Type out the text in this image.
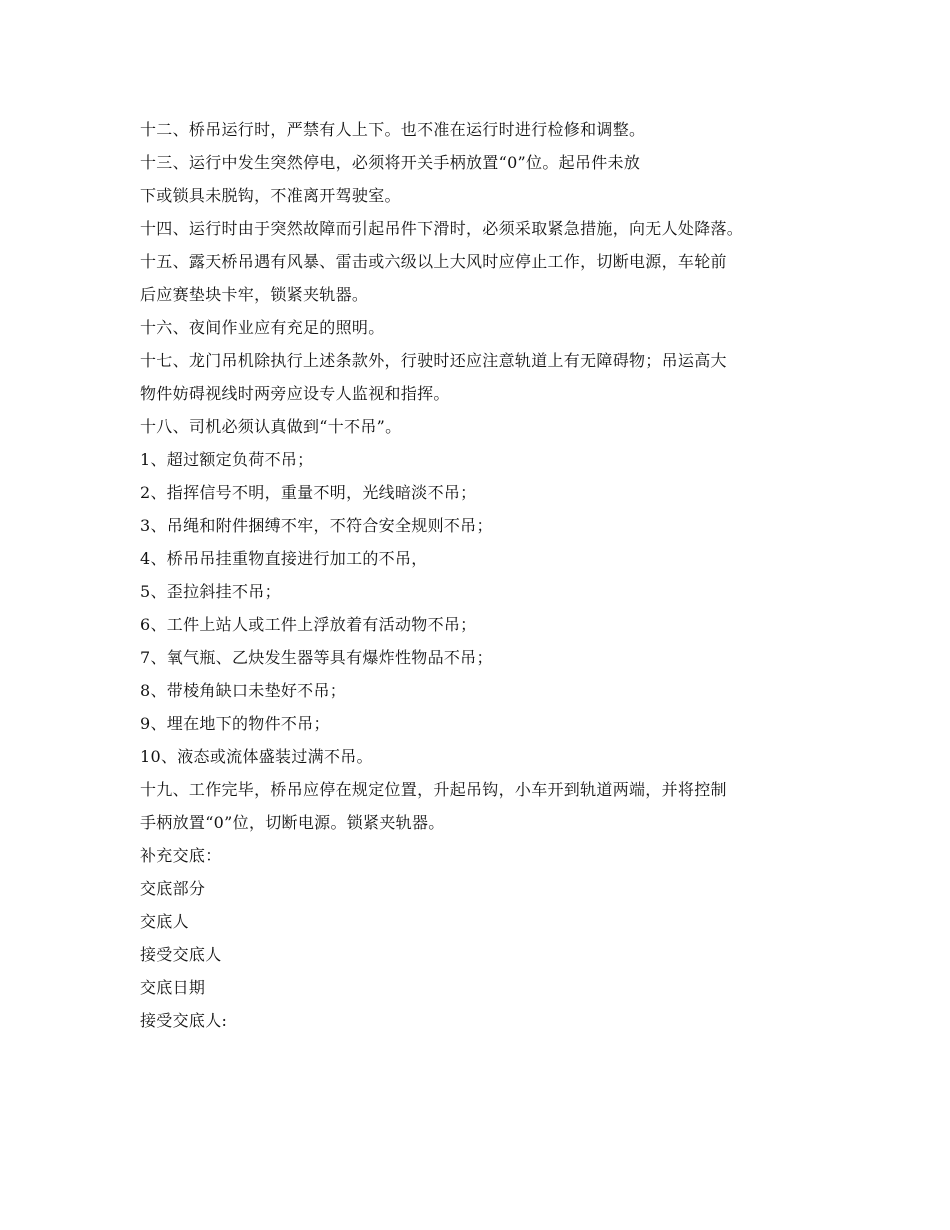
十二、桥吊运行时，严禁有人上下。也不准在运行时进行检修和调整。
十三、运行中发生突然停电，必须将开关手柄放置“0”位。起吊件未放
下或锁具未脱钩，不准离开驾驶室。
十四、运行时由于突然故障而引起吊件下滑时，必须采取紧急措施，向无人处降落。
十五、露天桥吊遇有风暴、雷击或六级以上大风时应停止工作，切断电源，车轮前
后应赛垫块卡牢，锁紧夹轨器。
十六、夜间作业应有充足的照明。
十七、龙门吊机除执行上述条款外，行驶时还应注意轨道上有无障碍物；吊运高大
物件妨碍视线时两旁应设专人监视和指挥。
十八、司机必须认真做到“十不吊”。
1、超过额定负荷不吊；
2、指挥信号不明，重量不明，光线暗淡不吊；
3、吊绳和附件捆缚不牢，不符合安全规则不吊；
4、桥吊吊挂重物直接进行加工的不吊，
5、歪拉斜挂不吊；
6、工件上站人或工件上浮放着有活动物不吊；
7、氧气瓶、乙炔发生器等具有爆炸性物品不吊；
8、带棱角缺口未垫好不吊；
9、埋在地下的物件不吊；
10、液态或流体盛装过满不吊。
十九、工作完毕，桥吊应停在规定位置，升起吊钩，小车开到轨道两端，并将控制
手柄放置“0”位，切断电源。锁紧夹轨器。
补充交底：
交底部分
交底人
接受交底人
交底日期
接受交底人:
